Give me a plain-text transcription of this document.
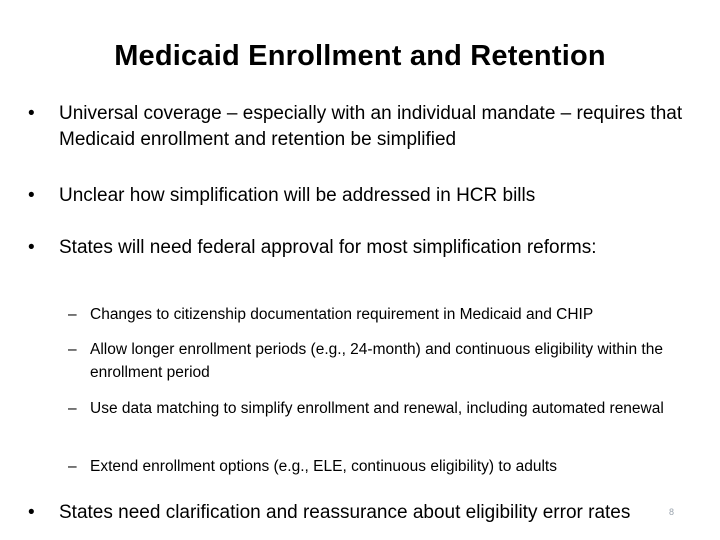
Medicaid Enrollment and Retention
• Universal coverage – especially with an individual mandate – requires that Medicaid enrollment and retention be simplified
• Unclear how simplification will be addressed in HCR bills
• States will need federal approval for most simplification reforms:
– Changes to citizenship documentation requirement in Medicaid and CHIP
– Allow longer enrollment periods (e.g., 24-month) and continuous eligibility within the enrollment period
– Use data matching to simplify enrollment and renewal, including automated renewal
– Extend enrollment options (e.g., ELE, continuous eligibility) to adults
• States need clarification and reassurance about eligibility error rates	8
